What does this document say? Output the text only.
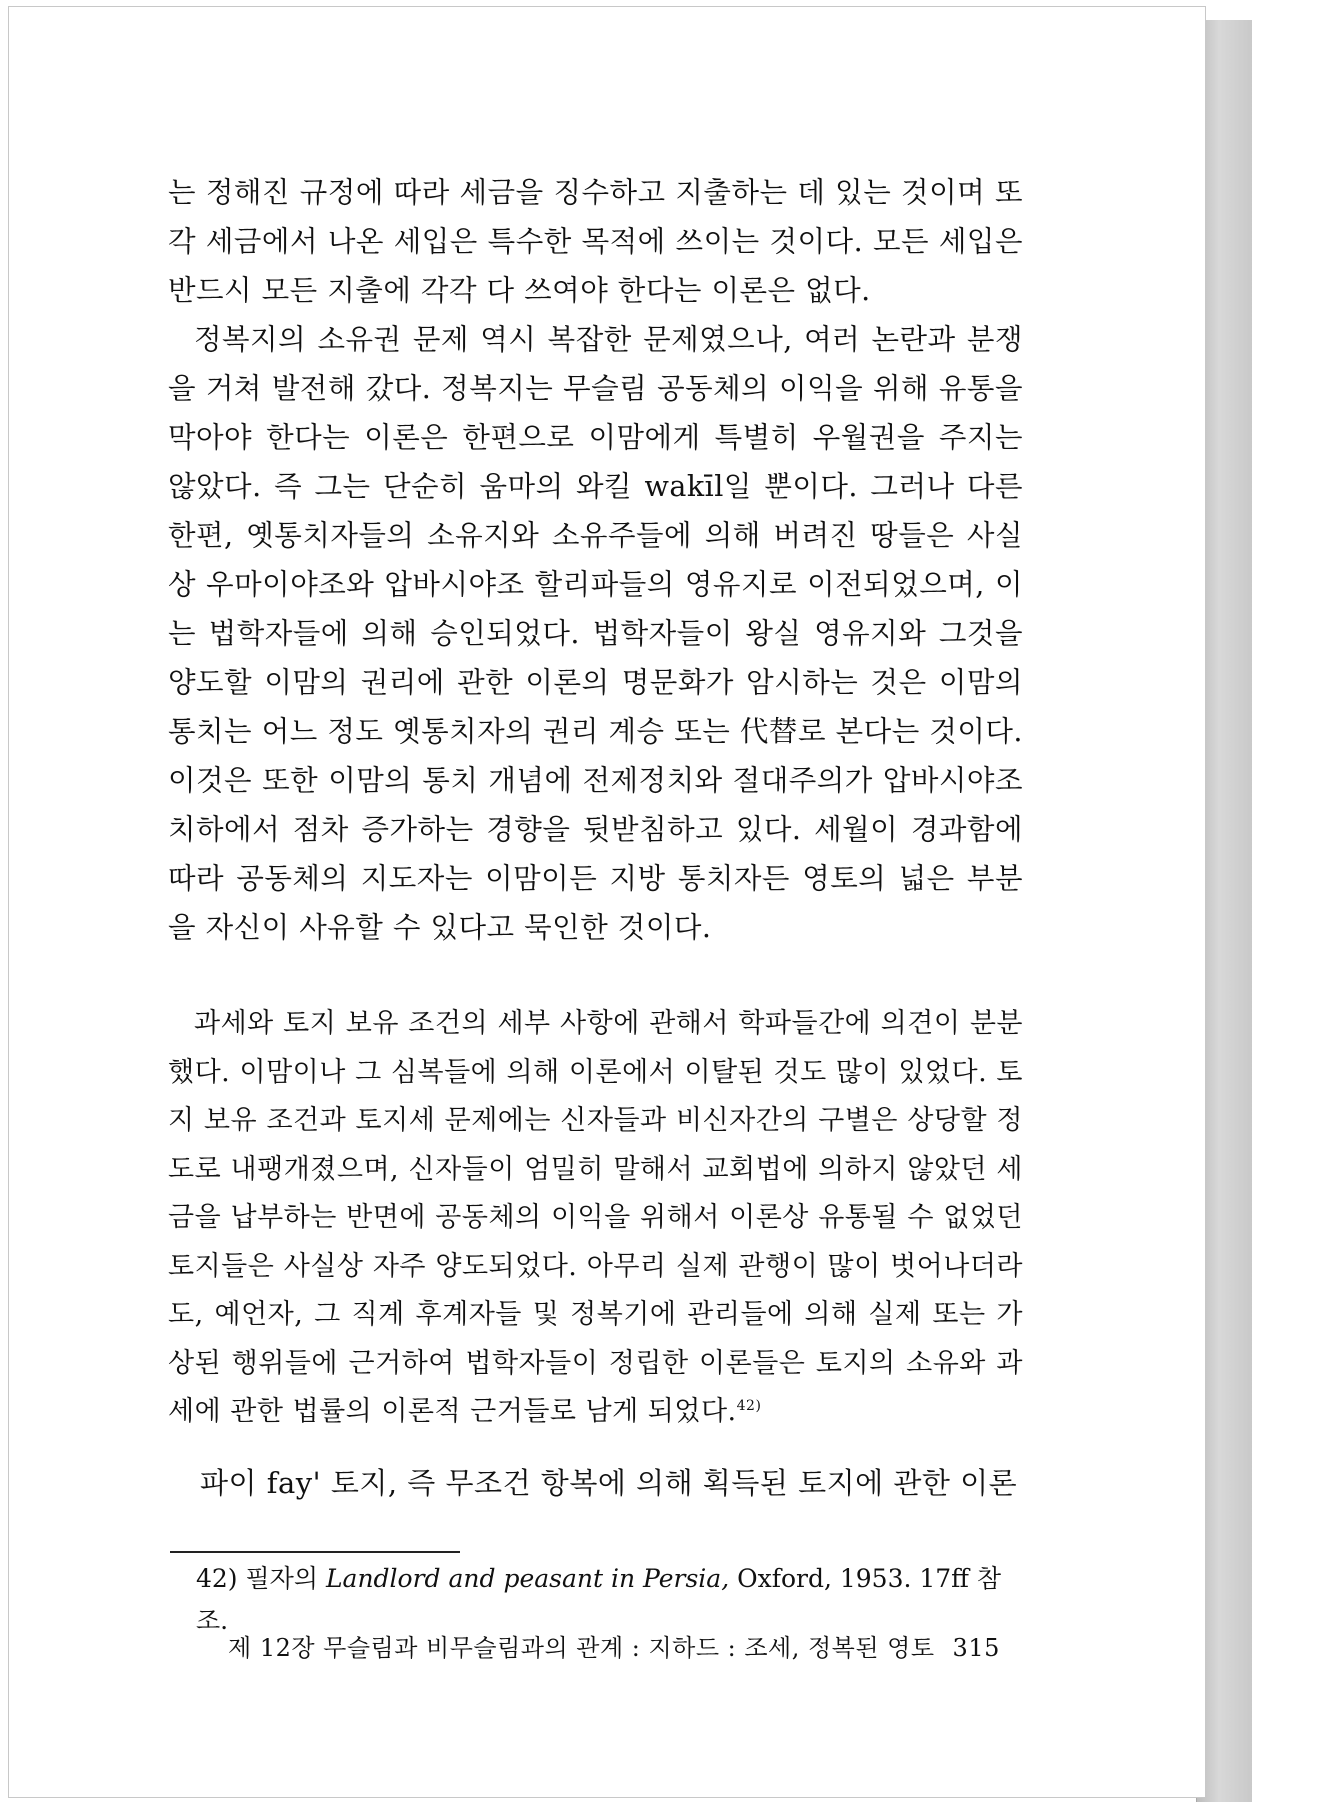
는 정해진 규정에 따라 세금을 징수하고 지출하는 데 있는 것이며 또 각 세금에서 나온 세입은 특수한 목적에 쓰이는 것이다. 모든 세입은 반드시 모든 지출에 각각 다 쓰여야 한다는 이론은 없다.

정복지의 소유권 문제 역시 복잡한 문제였으나, 여러 논란과 분쟁을 거쳐 발전해 갔다. 정복지는 무슬림 공동체의 이익을 위해 유통을 막아야 한다는 이론은 한편으로 이맘에게 특별히 우월권을 주지는 않았다. 즉 그는 단순히 움마의 와킬 wakīl일 뿐이다. 그러나 다른 한편, 옛통치자들의 소유지와 소유주들에 의해 버려진 땅들은 사실상 우마이야조와 압바시야조 할리파들의 영유지로 이전되었으며, 이는 법학자들에 의해 승인되었다. 법학자들이 왕실 영유지와 그것을 양도할 이맘의 권리에 관한 이론의 명문화가 암시하는 것은 이맘의 통치는 어느 정도 옛통치자의 권리 계승 또는 代替로 본다는 것이다. 이것은 또한 이맘의 통치 개념에 전제정치와 절대주의가 압바시야조 치하에서 점차 증가하는 경향을 뒷받침하고 있다. 세월이 경과함에 따라 공동체의 지도자는 이맘이든 지방 통치자든 영토의 넓은 부분을 자신이 사유할 수 있다고 묵인한 것이다.

과세와 토지 보유 조건의 세부 사항에 관해서 학파들간에 의견이 분분했다. 이맘이나 그 심복들에 의해 이론에서 이탈된 것도 많이 있었다. 토지 보유 조건과 토지세 문제에는 신자들과 비신자간의 구별은 상당할 정도로 내팽개졌으며, 신자들이 엄밀히 말해서 교회법에 의하지 않았던 세금을 납부하는 반면에 공동체의 이익을 위해서 이론상 유통될 수 없었던 토지들은 사실상 자주 양도되었다. 아무리 실제 관행이 많이 벗어나더라도, 예언자, 그 직계 후계자들 및 정복기에 관리들에 의해 실제 또는 가상된 행위들에 근거하여 법학자들이 정립한 이론들은 토지의 소유와 과세에 관한 법률의 이론적 근거들로 남게 되었다.$^{42)}$

파이 fay' 토지, 즉 무조건 항복에 의해 획득된 토지에 관한 이론

42) 필자의 Landlord and peasant in Persia, Oxford, 1953. 17ff 참조.
제 12장 무슬림과 비무슬림과의 관계 : 지하드 : 조세, 정복된 영토 315
